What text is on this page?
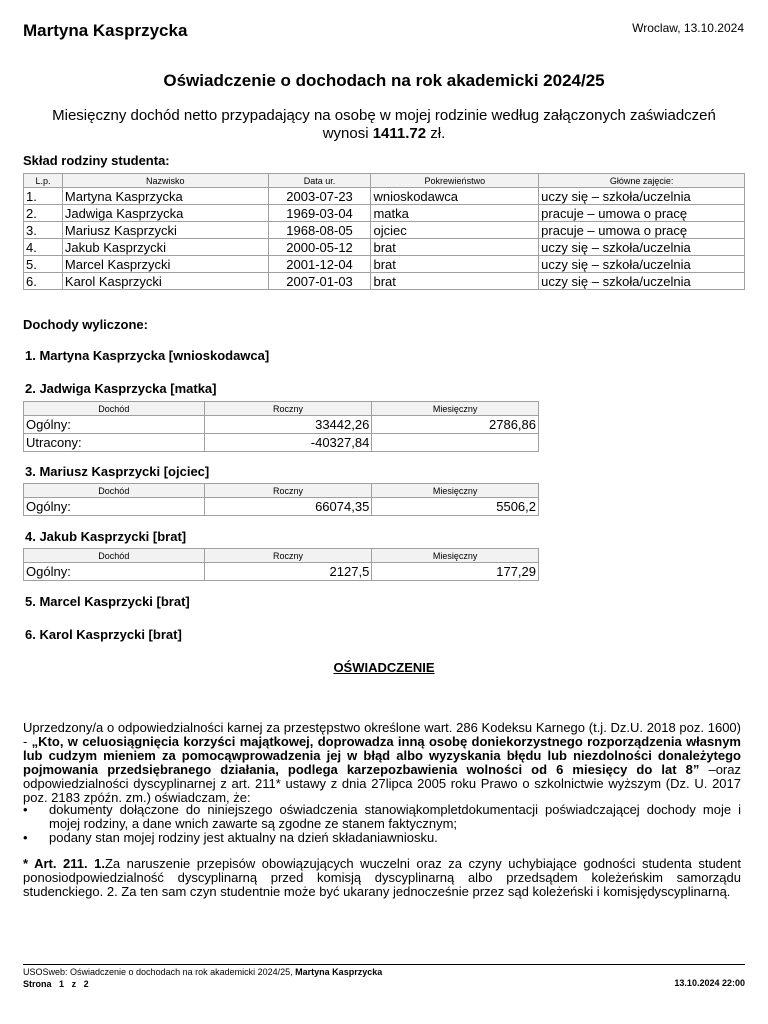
Martyna Kasprzycka	Wroclaw, 13.10.2024
Oświadczenie o dochodach na rok akademicki 2024/25
Miesięczny dochód netto przypadający na osobę w mojej rodzinie według załączonych zaświadczeń wynosi 1411.72 zł.
Skład rodziny studenta:
L.p.	Nazwisko	Data ur.	Pokrewieństwo	Główne zajęcie:
1.	Martyna Kasprzycka	2003-07-23	wnioskodawca	uczy się – szkoła/uczelnia
2.	Jadwiga Kasprzycka	1969-03-04	matka	pracuje – umowa o pracę
3.	Mariusz Kasprzycki	1968-08-05	ojciec	pracuje – umowa o pracę
4.	Jakub Kasprzycki	2000-05-12	brat	uczy się – szkoła/uczelnia
5.	Marcel Kasprzycki	2001-12-04	brat	uczy się – szkoła/uczelnia
6.	Karol Kasprzycki	2007-01-03	brat	uczy się – szkoła/uczelnia
Dochody wyliczone:
1. Martyna Kasprzycka [wnioskodawca]
2. Jadwiga Kasprzycka [matka]
Dochód	Roczny	Miesięczny
Ogólny:	33442,26	2786,86
Utracony:	-40327,84	
3. Mariusz Kasprzycki [ojciec]
Dochód	Roczny	Miesięczny
Ogólny:	66074,35	5506,2
4. Jakub Kasprzycki [brat]
Dochód	Roczny	Miesięczny
Ogólny:	2127,5	177,29
5. Marcel Kasprzycki [brat]
6. Karol Kasprzycki [brat]
OŚWIADCZENIE
Uprzedzony/a o odpowiedzialności karnej za przestępstwo określone wart. 286 Kodeksu Karnego (t.j. Dz.U. 2018 poz. 1600) - „Kto, w celuosiągnięcia korzyści majątkowej, doprowadza inną osobę doniekorzystnego rozporządzenia własnym lub cudzym mieniem za pomocąwprowadzenia jej w błąd albo wyzyskania błędu lub niezdolności donależytego pojmowania przedsiębranego działania, podlega karzepozbawienia wolności od 6 miesięcy do lat 8” –oraz odpowiedzialności dyscyplinarnej z art. 211* ustawy z dnia 27lipca 2005 roku Prawo o szkolnictwie wyższym (Dz. U. 2017 poz. 2183 zpóźn. zm.) oświadczam, że:
• dokumenty dołączone do niniejszego oświadczenia stanowiąkompletdokumentacji poświadczającej dochody moje i mojej rodziny, a dane wnich zawarte są zgodne ze stanem faktycznym;
• podany stan mojej rodziny jest aktualny na dzień składaniawniosku.
* Art. 211. 1.Za naruszenie przepisów obowiązujących wuczelni oraz za czyny uchybiające godności studenta student ponosiodpowiedzialność dyscyplinarną przed komisją dyscyplinarną albo przedsądem koleżeńskim samorządu studenckiego. 2. Za ten sam czyn studentnie może być ukarany jednocześnie przez sąd koleżeński i komisjędyscyplinarną.
USOSweb: Oświadczenie o dochodach na rok akademicki 2024/25, Martyna Kasprzycka
Strona 1 z 2	13.10.2024 22:00
